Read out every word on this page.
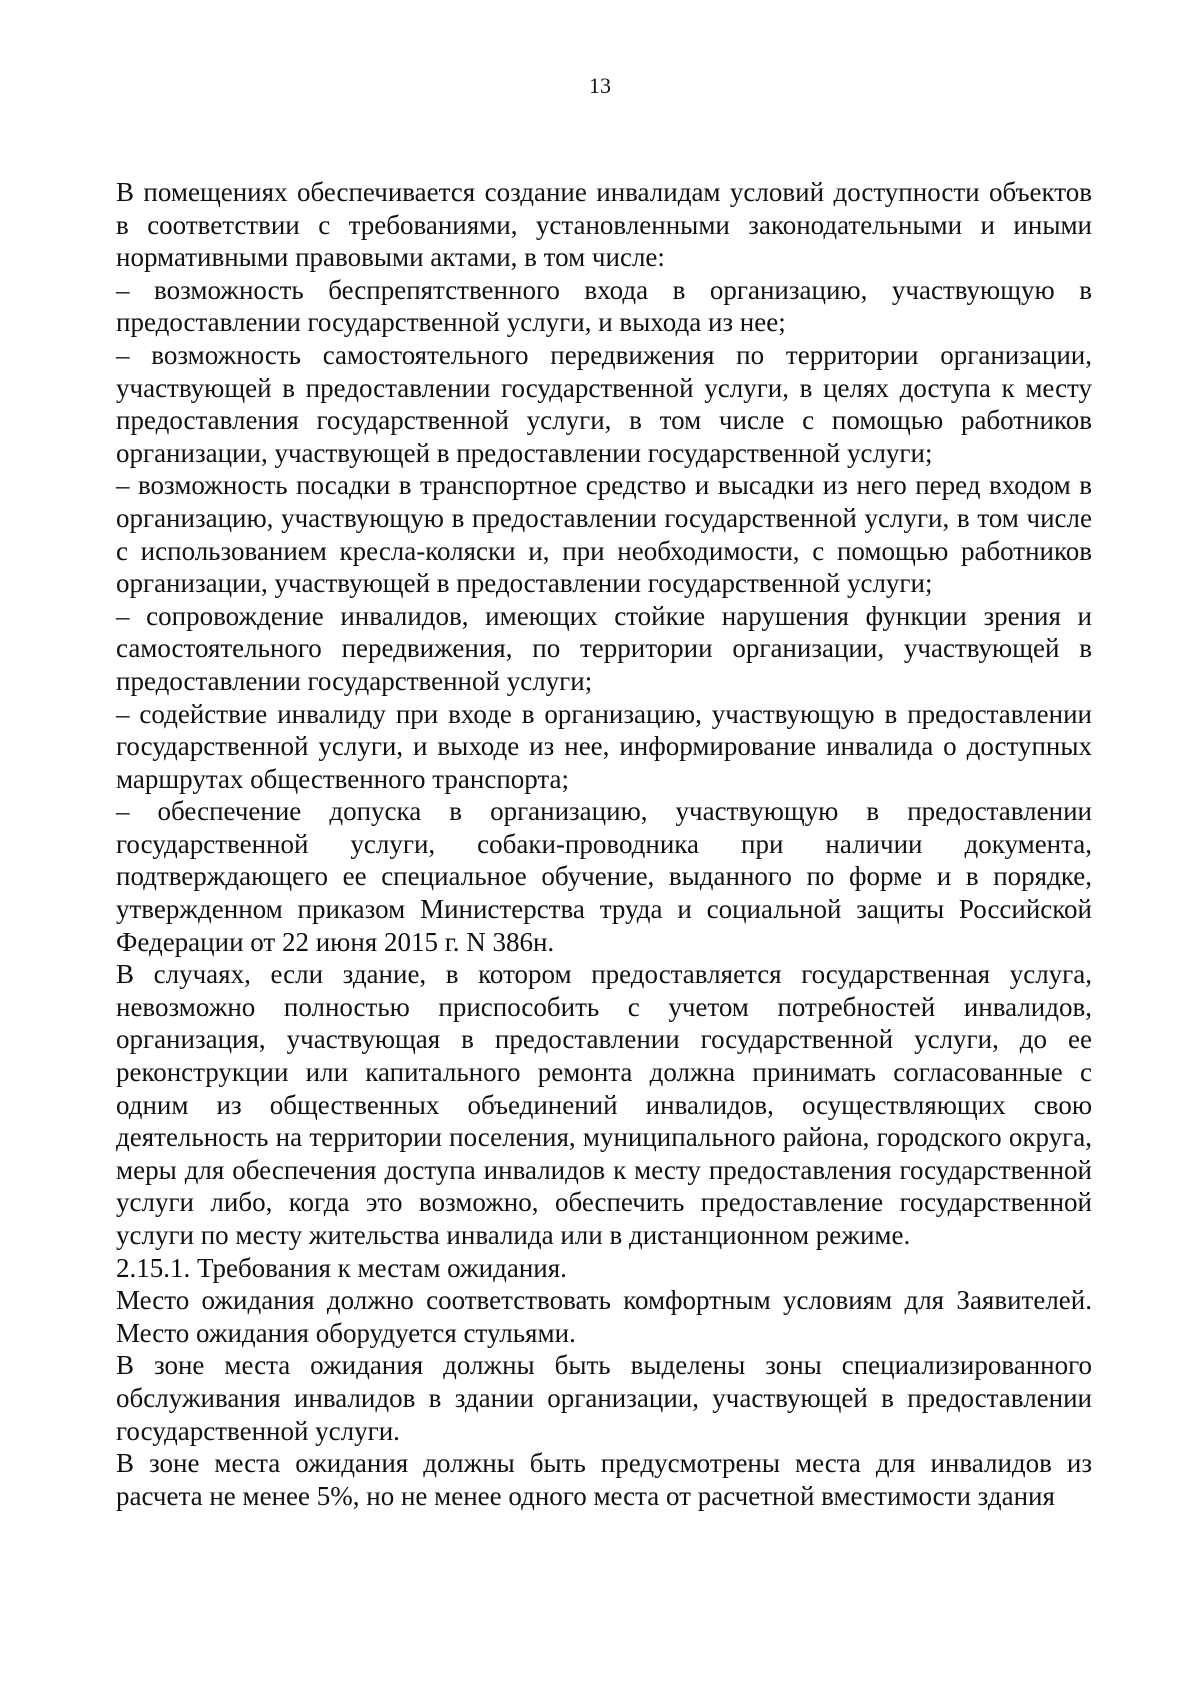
13

В помещениях обеспечивается создание инвалидам условий доступности объектов в соответствии с требованиями, установленными законодательными и иными нормативными правовыми актами, в том числе:

– возможность беспрепятственного входа в организацию, участвующую в предоставлении государственной услуги, и выхода из нее;

– возможность самостоятельного передвижения по территории организации, участвующей в предоставлении государственной услуги, в целях доступа к месту предоставления государственной услуги, в том числе с помощью работников организации, участвующей в предоставлении государственной услуги;

– возможность посадки в транспортное средство и высадки из него перед входом в организацию, участвующую в предоставлении государственной услуги, в том числе с использованием кресла-коляски и, при необходимости, с помощью работников организации, участвующей в предоставлении государственной услуги;

– сопровождение инвалидов, имеющих стойкие нарушения функции зрения и самостоятельного передвижения, по территории организации, участвующей в предоставлении государственной услуги;

– содействие инвалиду при входе в организацию, участвующую в предоставлении государственной услуги, и выходе из нее, информирование инвалида о доступных маршрутах общественного транспорта;

– обеспечение допуска в организацию, участвующую в предоставлении государственной услуги, собаки-проводника при наличии документа, подтверждающего ее специальное обучение, выданного по форме и в порядке, утвержденном приказом Министерства труда и социальной защиты Российской Федерации от 22 июня 2015 г. N 386н.

В случаях, если здание, в котором предоставляется государственная услуга, невозможно полностью приспособить с учетом потребностей инвалидов, организация, участвующая в предоставлении государственной услуги, до ее реконструкции или капитального ремонта должна принимать согласованные с одним из общественных объединений инвалидов, осуществляющих свою деятельность на территории поселения, муниципального района, городского округа, меры для обеспечения доступа инвалидов к месту предоставления государственной услуги либо, когда это возможно, обеспечить предоставление государственной услуги по месту жительства инвалида или в дистанционном режиме.

2.15.1. Требования к местам ожидания.

Место ожидания должно соответствовать комфортным условиям для Заявителей. Место ожидания оборудуется стульями.

В зоне места ожидания должны быть выделены зоны специализированного обслуживания инвалидов в здании организации, участвующей в предоставлении государственной услуги.

В зоне места ожидания должны быть предусмотрены места для инвалидов из расчета не менее 5%, но не менее одного места от расчетной вместимости здания
